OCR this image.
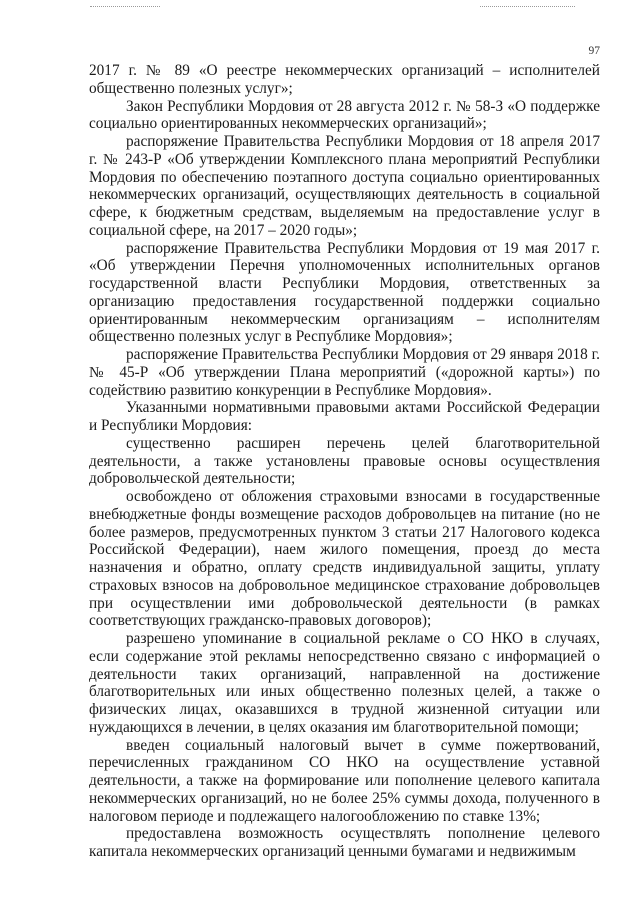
97

2017 г. № 89 «О реестре некоммерческих организаций – исполнителей общественно полезных услуг»;

Закон Республики Мордовия от 28 августа 2012 г. № 58-З «О поддержке социально ориентированных некоммерческих организаций»;

распоряжение Правительства Республики Мордовия от 18 апреля 2017 г. № 243-Р «Об утверждении Комплексного плана мероприятий Республики Мордовия по обеспечению поэтапного доступа социально ориентированных некоммерческих организаций, осуществляющих деятельность в социальной сфере, к бюджетным средствам, выделяемым на предоставление услуг в социальной сфере, на 2017 – 2020 годы»;

распоряжение Правительства Республики Мордовия от 19 мая 2017 г. «Об утверждении Перечня уполномоченных исполнительных органов государственной власти Республики Мордовия, ответственных за организацию предоставления государственной поддержки социально ориентированным некоммерческим организациям – исполнителям общественно полезных услуг в Республике Мордовия»;

распоряжение Правительства Республики Мордовия от 29 января 2018 г. № 45-Р «Об утверждении Плана мероприятий («дорожной карты») по содействию развитию конкуренции в Республике Мордовия».

Указанными нормативными правовыми актами Российской Федерации и Республики Мордовия:

существенно расширен перечень целей благотворительной деятельности, а также установлены правовые основы осуществления добровольческой деятельности;

освобождено от обложения страховыми взносами в государственные внебюджетные фонды возмещение расходов добровольцев на питание (но не более размеров, предусмотренных пунктом 3 статьи 217 Налогового кодекса Российской Федерации), наем жилого помещения, проезд до места назначения и обратно, оплату средств индивидуальной защиты, уплату страховых взносов на добровольное медицинское страхование добровольцев при осуществлении ими добровольческой деятельности (в рамках соответствующих гражданско-правовых договоров);

разрешено упоминание в социальной рекламе о СО НКО в случаях, если содержание этой рекламы непосредственно связано с информацией о деятельности таких организаций, направленной на достижение благотворительных или иных общественно полезных целей, а также о физических лицах, оказавшихся в трудной жизненной ситуации или нуждающихся в лечении, в целях оказания им благотворительной помощи;

введен социальный налоговый вычет в сумме пожертвований, перечисленных гражданином СО НКО на осуществление уставной деятельности, а также на формирование или пополнение целевого капитала некоммерческих организаций, но не более 25% суммы дохода, полученного в налоговом периоде и подлежащего налогообложению по ставке 13%;

предоставлена возможность осуществлять пополнение целевого капитала некоммерческих организаций ценными бумагами и недвижимым
